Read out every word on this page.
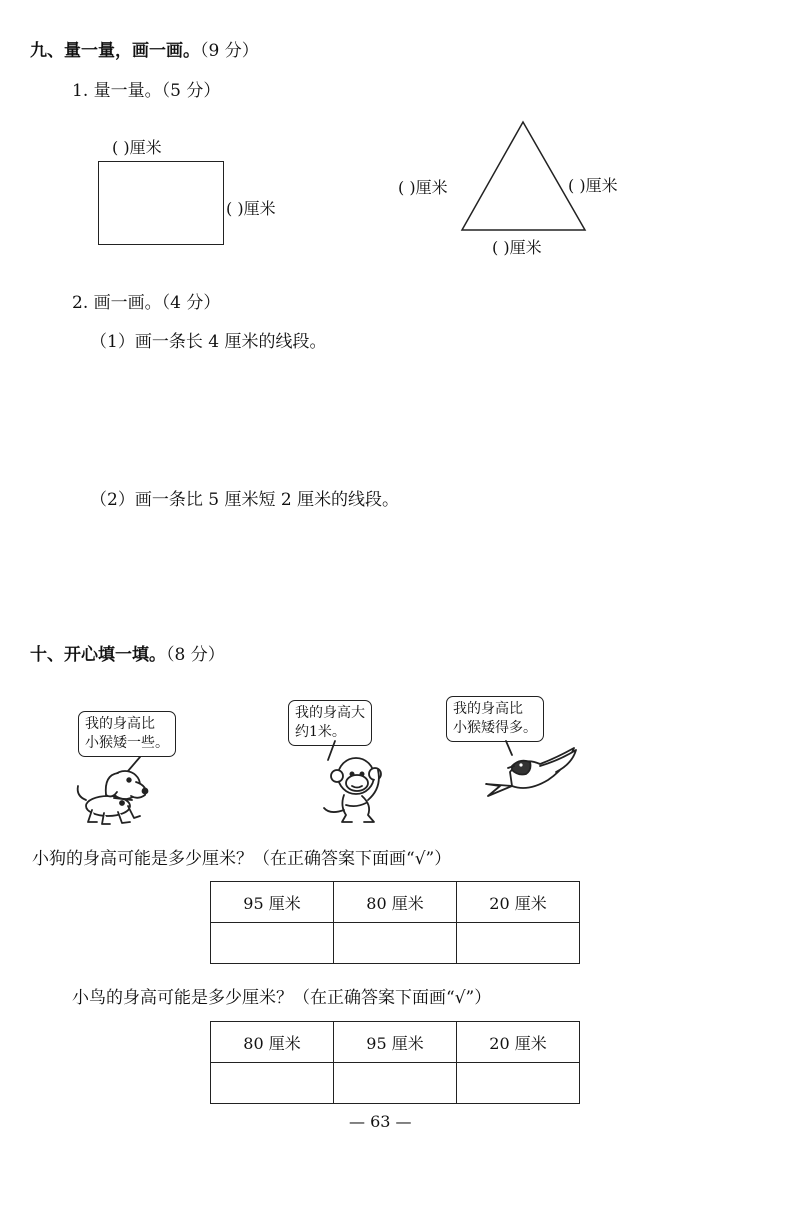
九、量一量，画一画。（9 分）
1. 量一量。（5 分）
( )厘米
( )厘米
( )厘米	( )厘米
( )厘米
2. 画一画。（4 分）
（1）画一条长 4 厘米的线段。
（2）画一条比 5 厘米短 2 厘米的线段。
十、开心填一填。（8 分）
我的身高比
小猴矮一些。
我的身高大
约1米。
我的身高比
小猴矮得多。
小狗的身高可能是多少厘米？（在正确答案下面画“√”）
95 厘米	80 厘米	20 厘米

小鸟的身高可能是多少厘米？（在正确答案下面画“√”）
80 厘米	95 厘米	20 厘米

— 63 —
